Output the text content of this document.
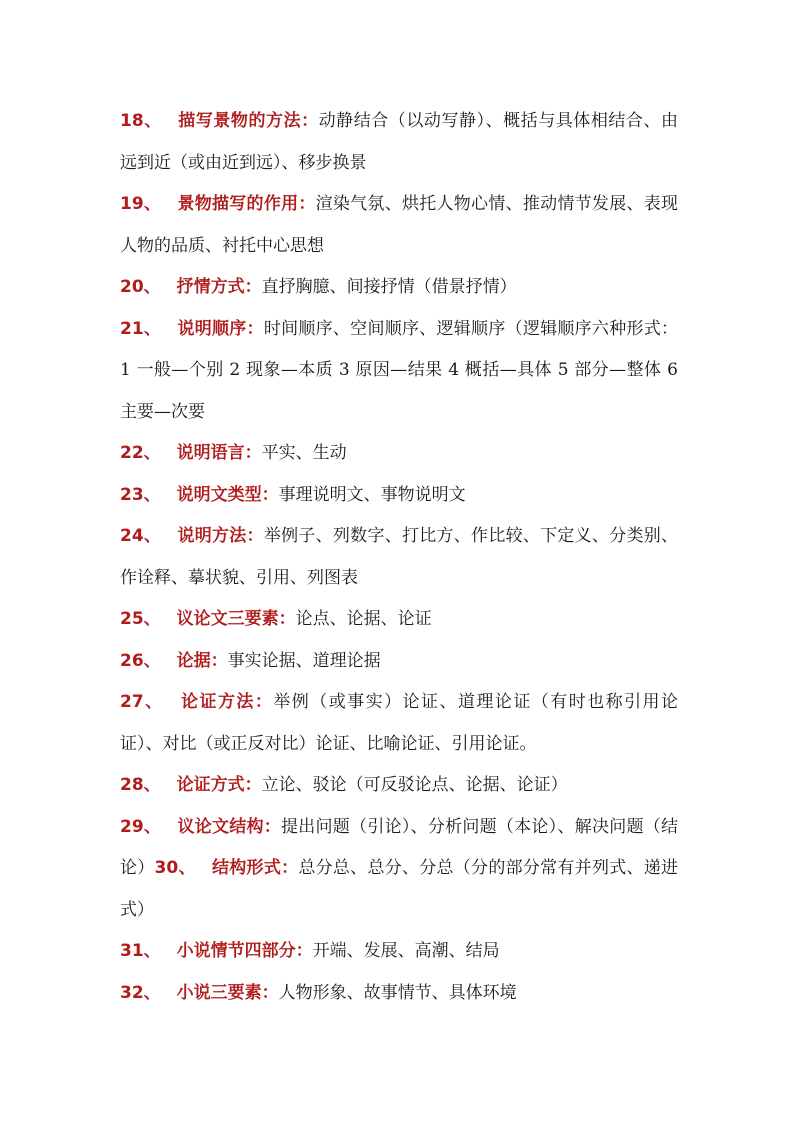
18、 描写景物的方法：动静结合（以动写静）、概括与具体相结合、由远到近（或由近到远）、移步换景

19、 景物描写的作用：渲染气氛、烘托人物心情、推动情节发展、表现人物的品质、衬托中心思想

20、 抒情方式：直抒胸臆、间接抒情（借景抒情）

21、 说明顺序：时间顺序、空间顺序、逻辑顺序（逻辑顺序六种形式：1 一般—个别 2 现象—本质 3 原因—结果 4 概括—具体 5 部分—整体 6 主要—次要

22、 说明语言：平实、生动

23、 说明文类型：事理说明文、事物说明文

24、 说明方法：举例子、列数字、打比方、作比较、下定义、分类别、作诠释、摹状貌、引用、列图表

25、 议论文三要素：论点、论据、论证

26、 论据：事实论据、道理论据

27、 论证方法：举例（或事实）论证、道理论证（有时也称引用论证）、对比（或正反对比）论证、比喻论证、引用论证。

28、 论证方式：立论、驳论（可反驳论点、论据、论证）

29、 议论文结构：提出问题（引论）、分析问题（本论）、解决问题（结论）30、 结构形式：总分总、总分、分总（分的部分常有并列式、递进式）

31、 小说情节四部分：开端、发展、高潮、结局

32、 小说三要素：人物形象、故事情节、具体环境
